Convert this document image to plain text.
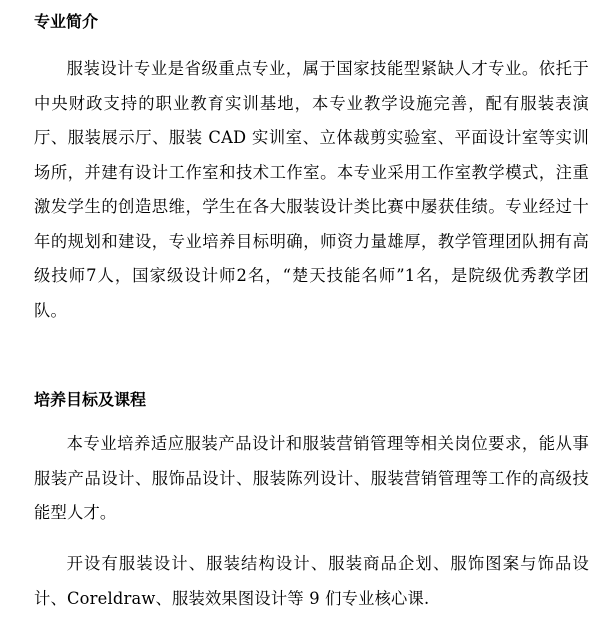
专业简介

服装设计专业是省级重点专业，属于国家技能型紧缺人才专业。依托于中央财政支持的职业教育实训基地，本专业教学设施完善，配有服装表演厅、服装展示厅、服装 CAD 实训室、立体裁剪实验室、平面设计室等实训场所，并建有设计工作室和技术工作室。本专业采用工作室教学模式，注重激发学生的创造思维，学生在各大服装设计类比赛中屡获佳绩。专业经过十年的规划和建设，专业培养目标明确，师资力量雄厚，教学管理团队拥有高级技师7人，国家级设计师2名，“楚天技能名师”1名，是院级优秀教学团队。

培养目标及课程

本专业培养适应服装产品设计和服装营销管理等相关岗位要求，能从事服装产品设计、服饰品设计、服装陈列设计、服装营销管理等工作的高级技能型人才。

开设有服装设计、服装结构设计、服装商品企划、服饰图案与饰品设计、Coreldraw、服装效果图设计等 9 们专业核心课.
